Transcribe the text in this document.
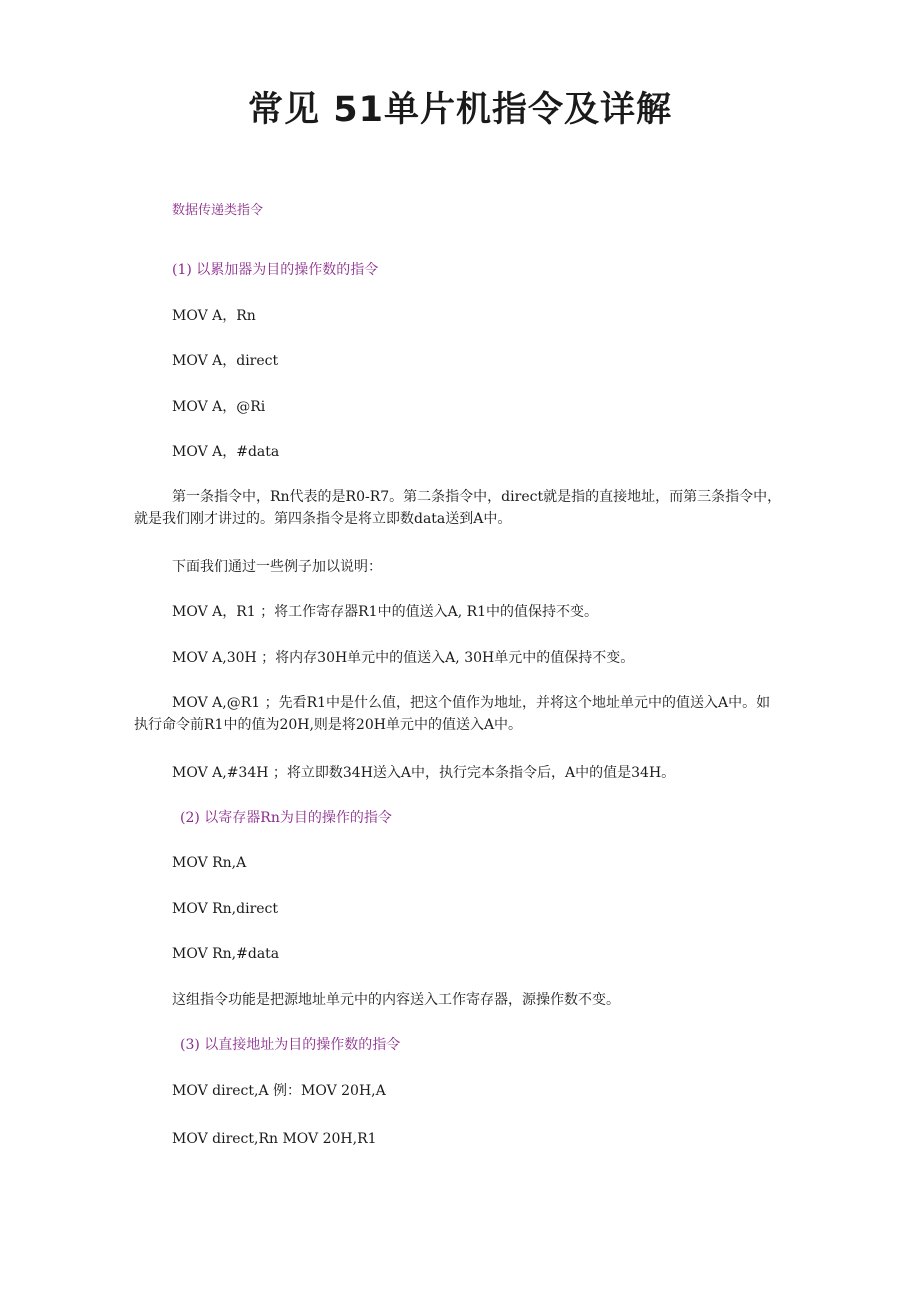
常见 51单片机指令及详解

数据传递类指令

(1) 以累加器为目的操作数的指令

MOV A，Rn

MOV A，direct

MOV A，@Ri

MOV A，#data

第一条指令中，Rn代表的是R0-R7。第二条指令中，direct就是指的直接地址，而第三条指令中，就是我们刚才讲过的。第四条指令是将立即数data送到A中。

下面我们通过一些例子加以说明：

MOV A，R1 ；将工作寄存器R1中的值送入A, R1中的值保持不变。

MOV A,30H ；将内存30H单元中的值送入A, 30H单元中的值保持不变。

MOV A,@R1 ；先看R1中是什么值，把这个值作为地址，并将这个地址单元中的值送入A中。如执行命令前R1中的值为20H,则是将20H单元中的值送入A中。

MOV A,#34H ；将立即数34H送入A中，执行完本条指令后，A中的值是34H。

(2) 以寄存器Rn为目的操作的指令

MOV Rn,A

MOV Rn,direct

MOV Rn,#data

这组指令功能是把源地址单元中的内容送入工作寄存器，源操作数不变。

(3) 以直接地址为目的操作数的指令

MOV direct,A 例：MOV 20H,A

MOV direct,Rn MOV 20H,R1
